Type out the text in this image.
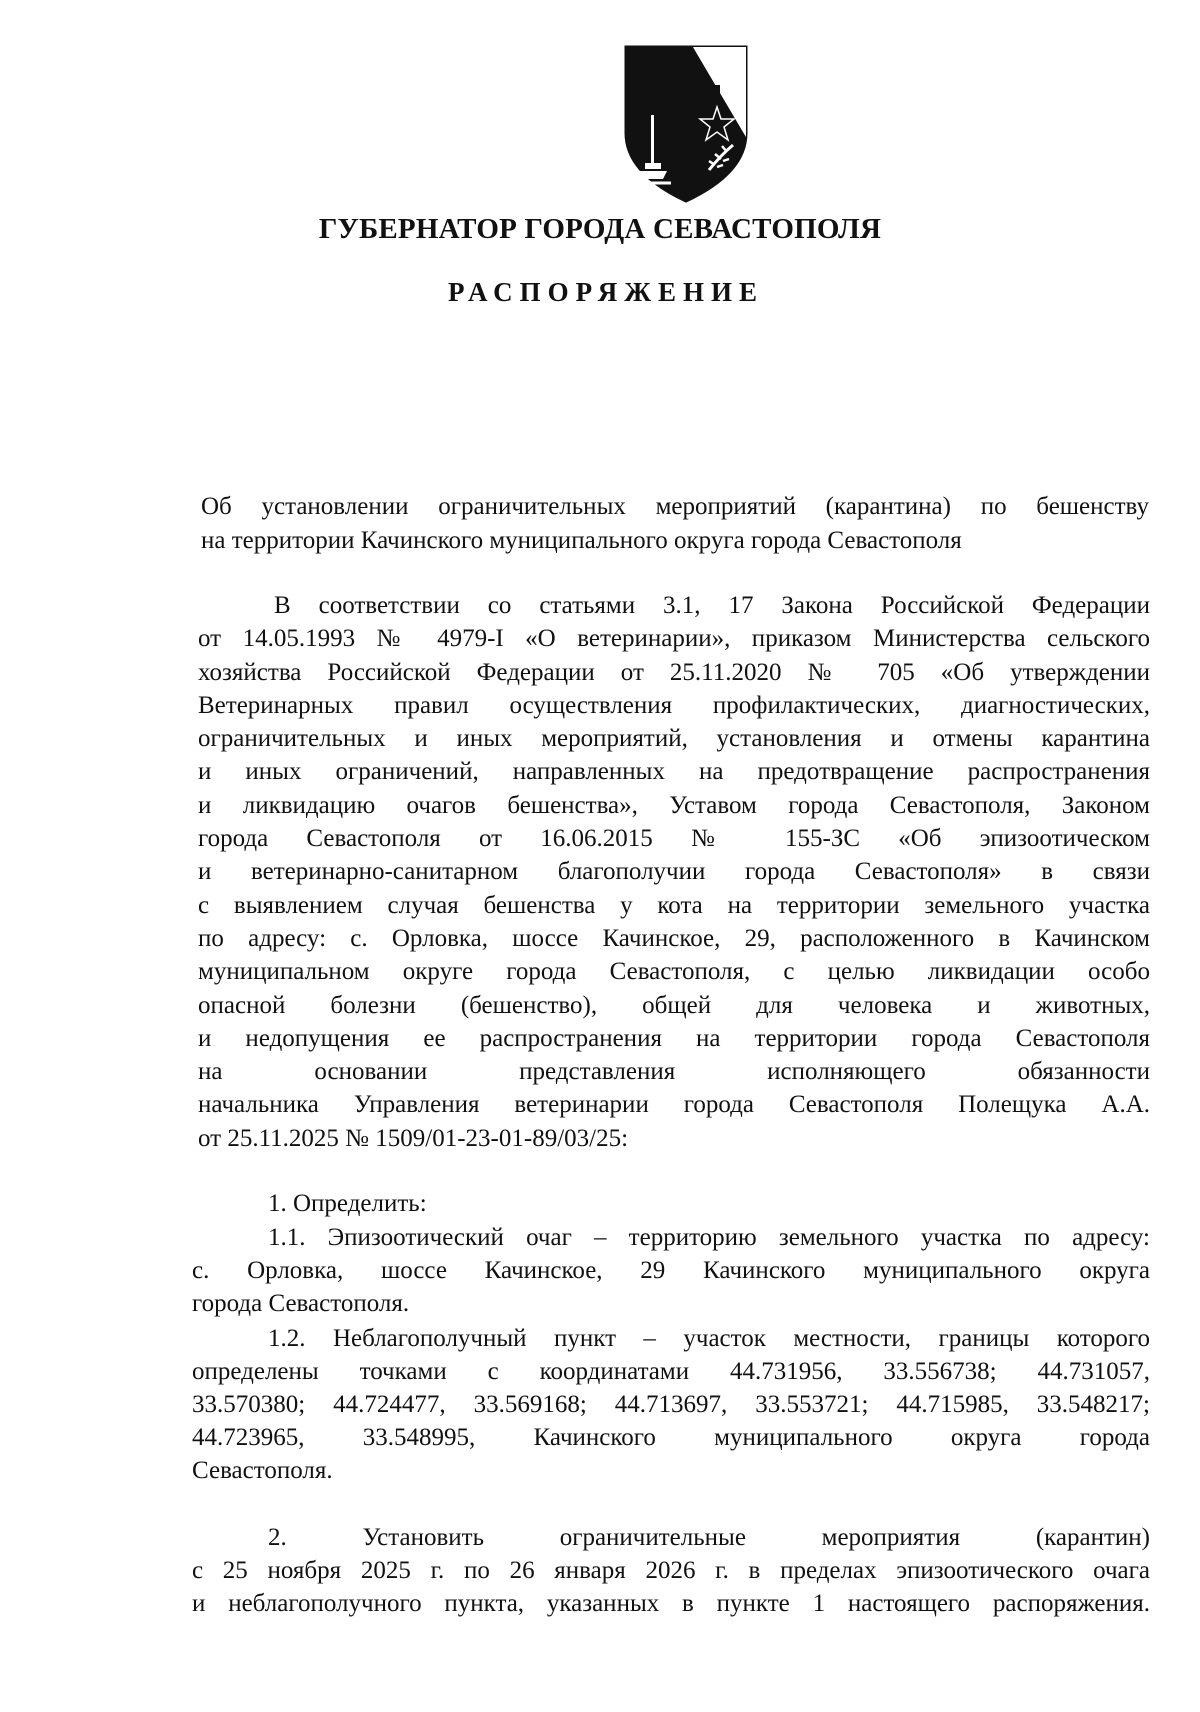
ГУБЕРНАТОР ГОРОДА СЕВАСТОПОЛЯ
РАСПОРЯЖЕНИЕ
Об установлении ограничительных мероприятий (карантина) по бешенству
на территории Качинского муниципального округа города Севастополя
В соответствии со статьями 3.1, 17 Закона Российской Федерации
от 14.05.1993 № 4979-I «О ветеринарии», приказом Министерства сельского
хозяйства Российской Федерации от 25.11.2020 № 705 «Об утверждении
Ветеринарных правил осуществления профилактических, диагностических,
ограничительных и иных мероприятий, установления и отмены карантина
и иных ограничений, направленных на предотвращение распространения
и ликвидацию очагов бешенства», Уставом города Севастополя, Законом
города Севастополя от 16.06.2015 № 155-ЗС «Об эпизоотическом
и ветеринарно-санитарном благополучии города Севастополя» в связи
с выявлением случая бешенства у кота на территории земельного участка
по адресу: с. Орловка, шоссе Качинское, 29, расположенного в Качинском
муниципальном округе города Севастополя, с целью ликвидации особо
опасной болезни (бешенство), общей для человека и животных,
и недопущения ее распространения на территории города Севастополя
на основании представления исполняющего обязанности
начальника Управления ветеринарии города Севастополя Полещука А.А.
от 25.11.2025 № 1509/01-23-01-89/03/25:
1. Определить:
1.1. Эпизоотический очаг – территорию земельного участка по адресу:
с. Орловка, шоссе Качинское, 29 Качинского муниципального округа
города Севастополя.
1.2. Неблагополучный пункт – участок местности, границы которого
определены точками с координатами 44.731956, 33.556738; 44.731057,
33.570380; 44.724477, 33.569168; 44.713697, 33.553721; 44.715985, 33.548217;
44.723965, 33.548995, Качинского муниципального округа города
Севастополя.
2. Установить ограничительные мероприятия (карантин)
с 25 ноября 2025 г. по 26 января 2026 г. в пределах эпизоотического очага
и неблагополучного пункта, указанных в пункте 1 настоящего распоряжения.
